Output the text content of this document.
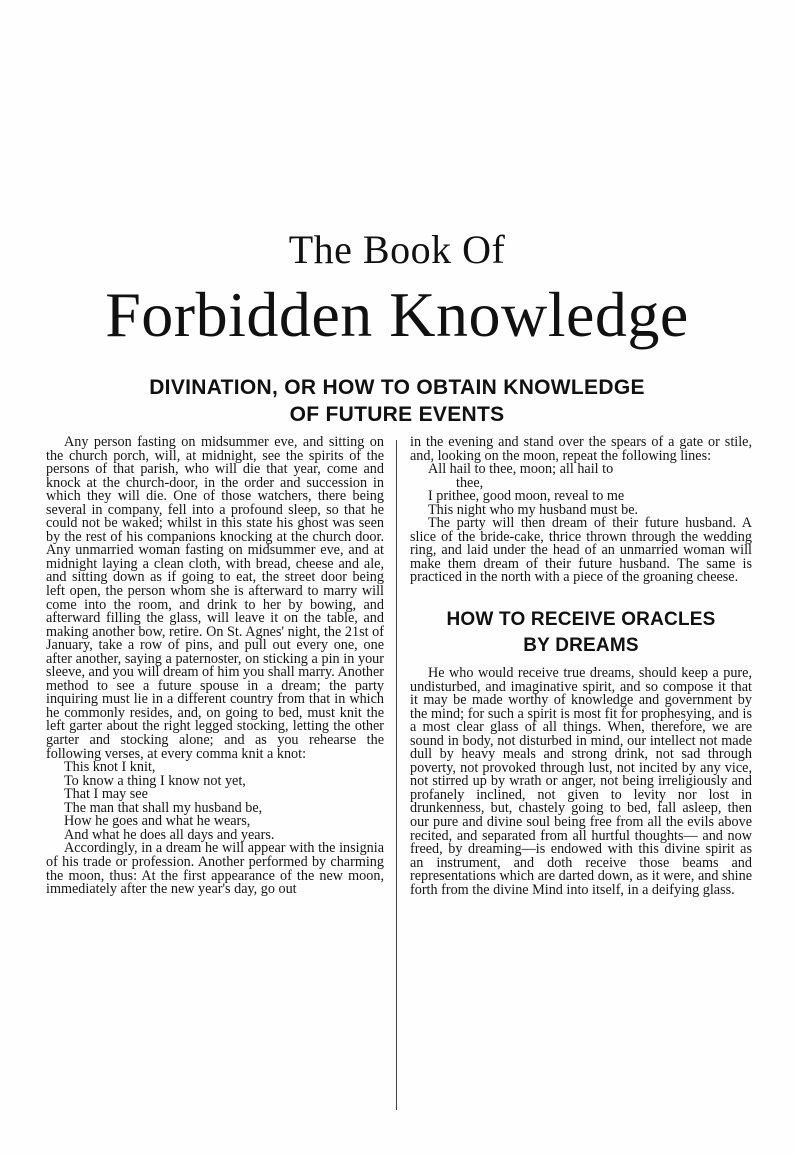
The Book Of
Forbidden Knowledge
DIVINATION, OR HOW TO OBTAIN KNOWLEDGE
OF FUTURE EVENTS

Any person fasting on midsummer eve, and sitting on the church porch, will, at midnight, see the spirits of the persons of that parish, who will die that year, come and knock at the church-door, in the order and succession in which they will die. One of those watchers, there being several in company, fell into a profound sleep, so that he could not be waked; whilst in this state his ghost was seen by the rest of his companions knocking at the church door. Any unmarried woman fasting on midsummer eve, and at midnight laying a clean cloth, with bread, cheese and ale, and sitting down as if going to eat, the street door being left open, the person whom she is afterward to marry will come into the room, and drink to her by bowing, and afterward filling the glass, will leave it on the table, and making another bow, retire. On St. Agnes' night, the 21st of January, take a row of pins, and pull out every one, one after another, saying a paternoster, on sticking a pin in your sleeve, and you will dream of him you shall marry. Another method to see a future spouse in a dream; the party inquiring must lie in a different country from that in which he commonly resides, and, on going to bed, must knit the left garter about the right legged stocking, letting the other garter and stocking alone; and as you rehearse the following verses, at every comma knit a knot:

This knot I knit,
To know a thing I know not yet,
That I may see
The man that shall my husband be,
How he goes and what he wears,
And what he does all days and years.

Accordingly, in a dream he will appear with the insignia of his trade or profession. Another performed by charming the moon, thus: At the first appearance of the new moon, immediately after the new year's day, go out

in the evening and stand over the spears of a gate or stile, and, looking on the moon, repeat the following lines:

All hail to thee, moon; all hail to
thee,
I prithee, good moon, reveal to me
This night who my husband must be.

The party will then dream of their future husband. A slice of the bride-cake, thrice thrown through the wedding ring, and laid under the head of an unmarried woman will make them dream of their future husband. The same is practiced in the north with a piece of the groaning cheese.

HOW TO RECEIVE ORACLES
BY DREAMS

He who would receive true dreams, should keep a pure, undisturbed, and imaginative spirit, and so compose it that it may be made worthy of knowledge and government by the mind; for such a spirit is most fit for prophesying, and is a most clear glass of all things. When, therefore, we are sound in body, not disturbed in mind, our intellect not made dull by heavy meals and strong drink, not sad through poverty, not provoked through lust, not incited by any vice, not stirred up by wrath or anger, not being irreligiously and profanely inclined, not given to levity nor lost in drunkenness, but, chastely going to bed, fall asleep, then our pure and divine soul being free from all the evils above recited, and separated from all hurtful thoughts— and now freed, by dreaming—is endowed with this divine spirit as an instrument, and doth receive those beams and representations which are darted down, as it were, and shine forth from the divine Mind into itself, in a deifying glass.
